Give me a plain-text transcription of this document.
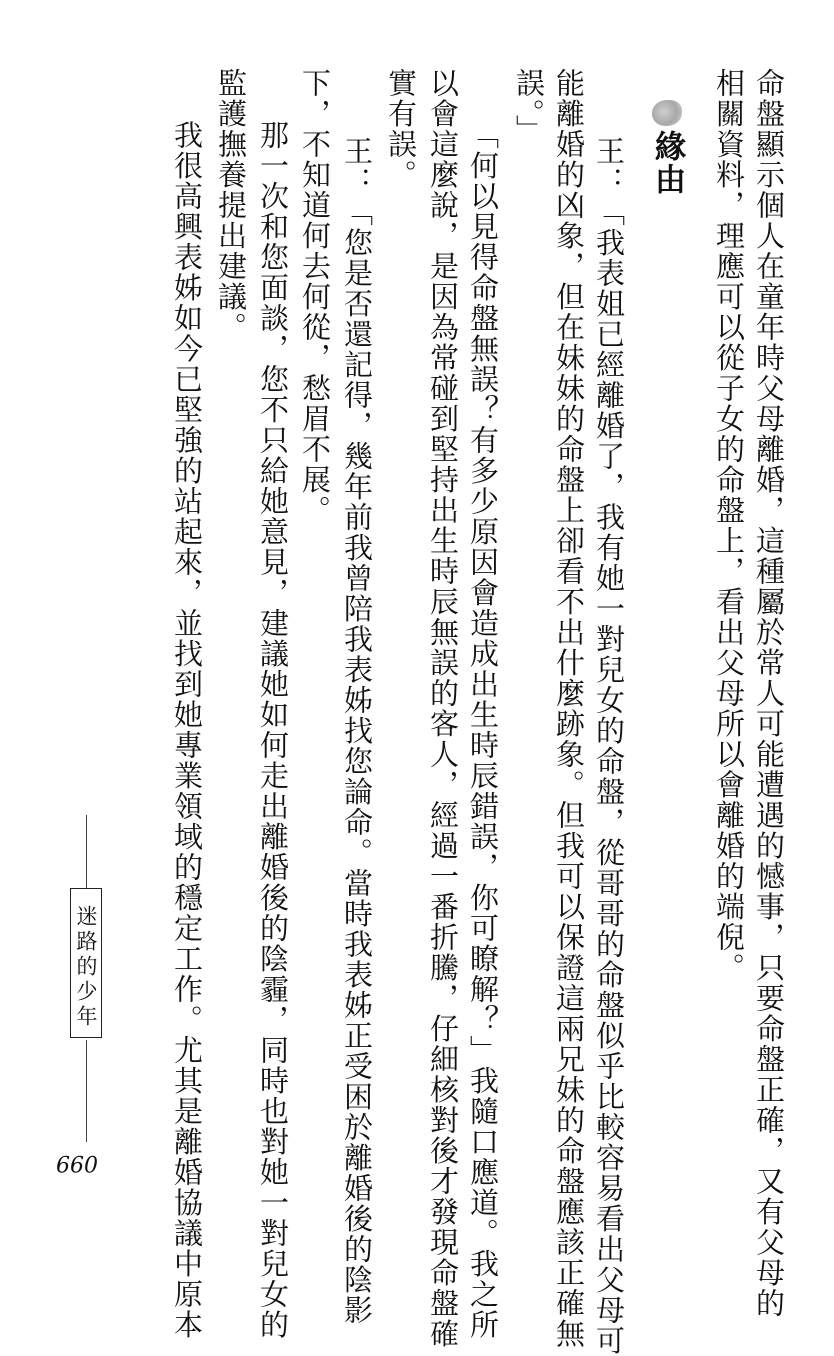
命盤顯示個人在童年時父母離婚，這種屬於常人可能遭遇的憾事，只要命盤正確，又有父母的
相關資料，理應可以從子女的命盤上，看出父母所以會離婚的端倪。
緣由
王：「我表姐已經離婚了，我有她一對兒女的命盤，從哥哥的命盤似乎比較容易看出父母可
能離婚的凶象，但在妹妹的命盤上卻看不出什麼跡象。但我可以保證這兩兄妹的命盤應該正確無
誤。」
「何以見得命盤無誤？有多少原因會造成出生時辰錯誤，你可瞭解？」我隨口應道。我之所
以會這麼說，是因為常碰到堅持出生時辰無誤的客人，經過一番折騰，仔細核對後才發現命盤確
實有誤。
王：「您是否還記得，幾年前我曾陪我表姊找您論命。當時我表姊正受困於離婚後的陰影
下，不知道何去何從，愁眉不展。
那一次和您面談，您不只給她意見，建議她如何走出離婚後的陰霾，同時也對她一對兒女的
監護撫養提出建議。
我很高興表姊如今已堅強的站起來，並找到她專業領域的穩定工作。尤其是離婚協議中原本
迷路的少年
099
